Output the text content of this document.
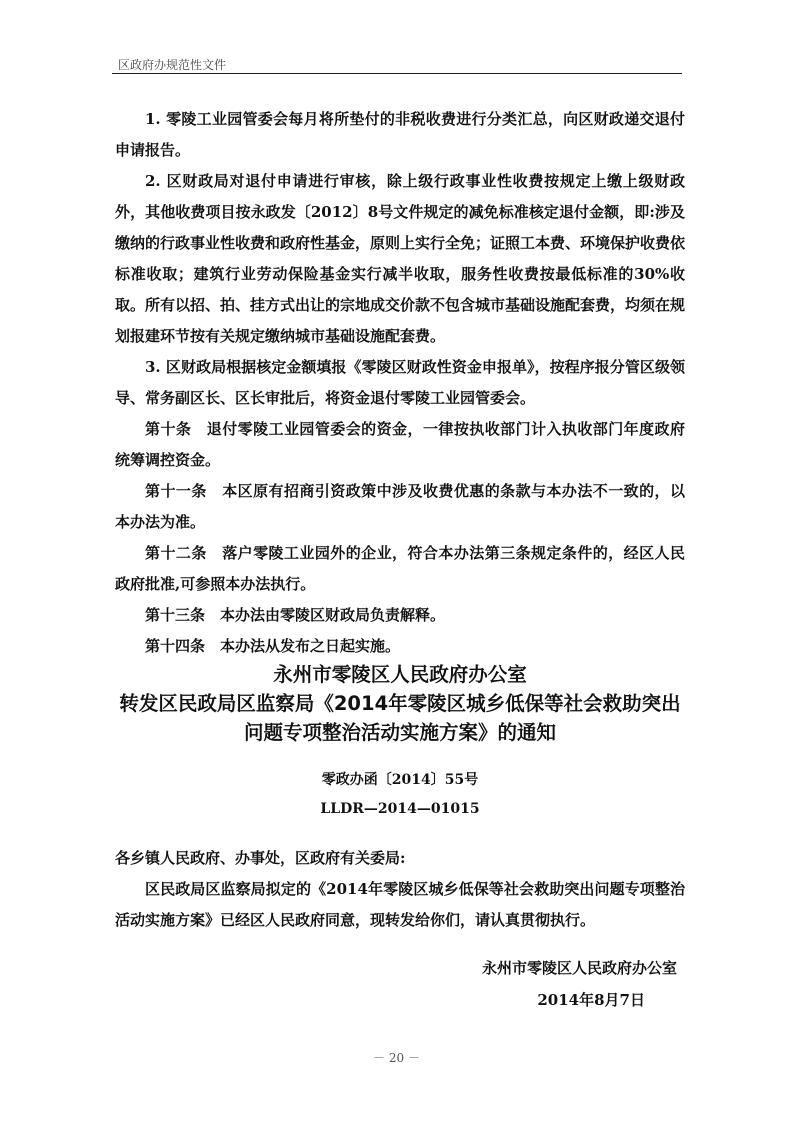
区政府办规范性文件

1. 零陵工业园管委会每月将所垫付的非税收费进行分类汇总，向区财政递交退付申请报告。

2. 区财政局对退付申请进行审核，除上级行政事业性收费按规定上缴上级财政外，其他收费项目按永政发〔2012〕8号文件规定的减免标准核定退付金额，即:涉及缴纳的行政事业性收费和政府性基金，原则上实行全免；证照工本费、环境保护收费依标准收取；建筑行业劳动保险基金实行减半收取，服务性收费按最低标准的30%收取。所有以招、拍、挂方式出让的宗地成交价款不包含城市基础设施配套费，均须在规划报建环节按有关规定缴纳城市基础设施配套费。

3. 区财政局根据核定金额填报《零陵区财政性资金申报单》，按程序报分管区级领导、常务副区长、区长审批后，将资金退付零陵工业园管委会。

第十条　 退付零陵工业园管委会的资金，一律按执收部门计入执收部门年度政府统筹调控资金。

第十一条　 本区原有招商引资政策中涉及收费优惠的条款与本办法不一致的，以本办法为准。

第十二条　 落户零陵工业园外的企业，符合本办法第三条规定条件的，经区人民政府批准,可参照本办法执行。

第十三条　 本办法由零陵区财政局负责解释。

第十四条　 本办法从发布之日起实施。

永州市零陵区人民政府办公室

转发区民政局区监察局《2014年零陵区城乡低保等社会救助突出

问题专项整治活动实施方案》的通知

零政办函〔2014〕55号
LLDR—2014—01015

各乡镇人民政府、办事处，区政府有关委局:

区民政局区监察局拟定的《2014年零陵区城乡低保等社会救助突出问题专项整治活动实施方案》已经区人民政府同意，现转发给你们，请认真贯彻执行。

永州市零陵区人民政府办公室
2014年8月7日
－ 20 －
